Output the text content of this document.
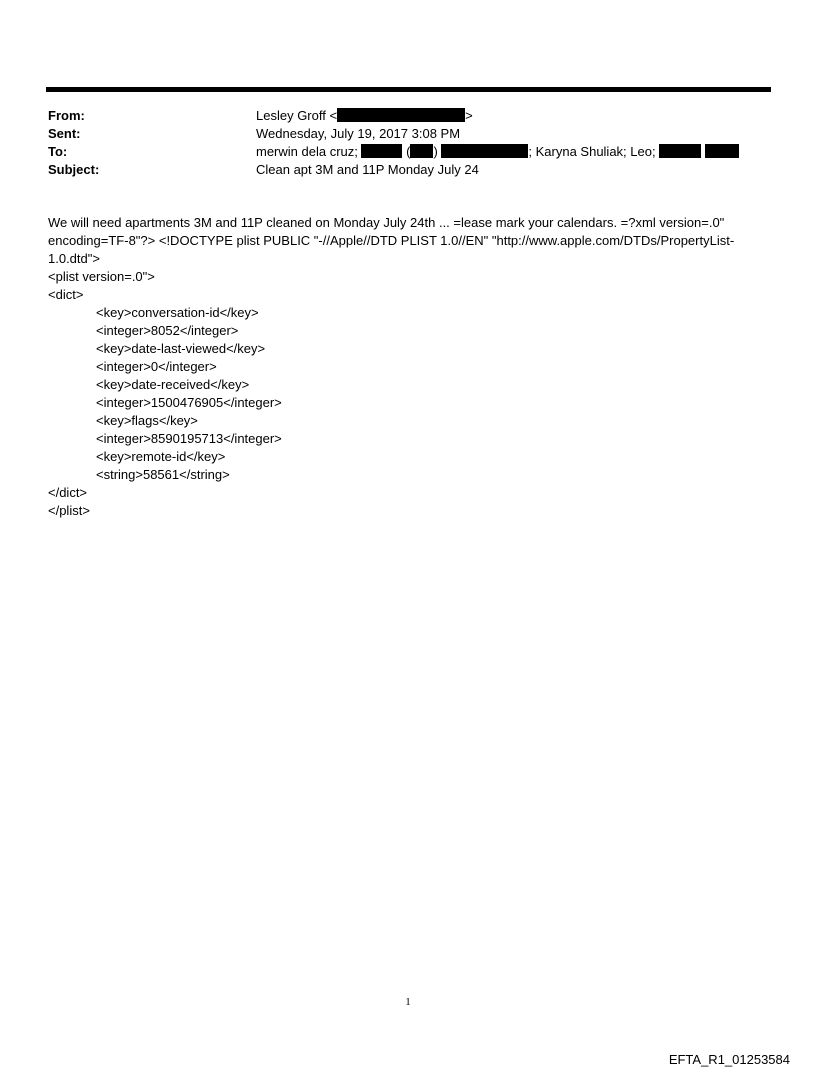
From:	Lesley Groff <	>
Sent:	Wednesday, July 19, 2017 3:08 PM
To:	merwin dela cruz;	( )	; Karyna Shuliak; Leo;
Subject:	Clean apt 3M and 11P Monday July 24

We will need apartments 3M and 11P cleaned on Monday July 24th ... =lease mark your calendars. =?xml version=.0" encoding=TF-8"?> <!DOCTYPE plist PUBLIC "-//Apple//DTD PLIST 1.0//EN" "http://www.apple.com/DTDs/PropertyList-1.0.dtd">

<plist version=.0">
<dict>
<key>conversation-id</key>
<integer>8052</integer>
<key>date-last-viewed</key>
<integer>0</integer>
<key>date-received</key>
<integer>1500476905</integer>
<key>flags</key>
<integer>8590195713</integer>
<key>remote-id</key>
<string>58561</string>
</dict>
</plist>
1
EFTA_R1_01253584
